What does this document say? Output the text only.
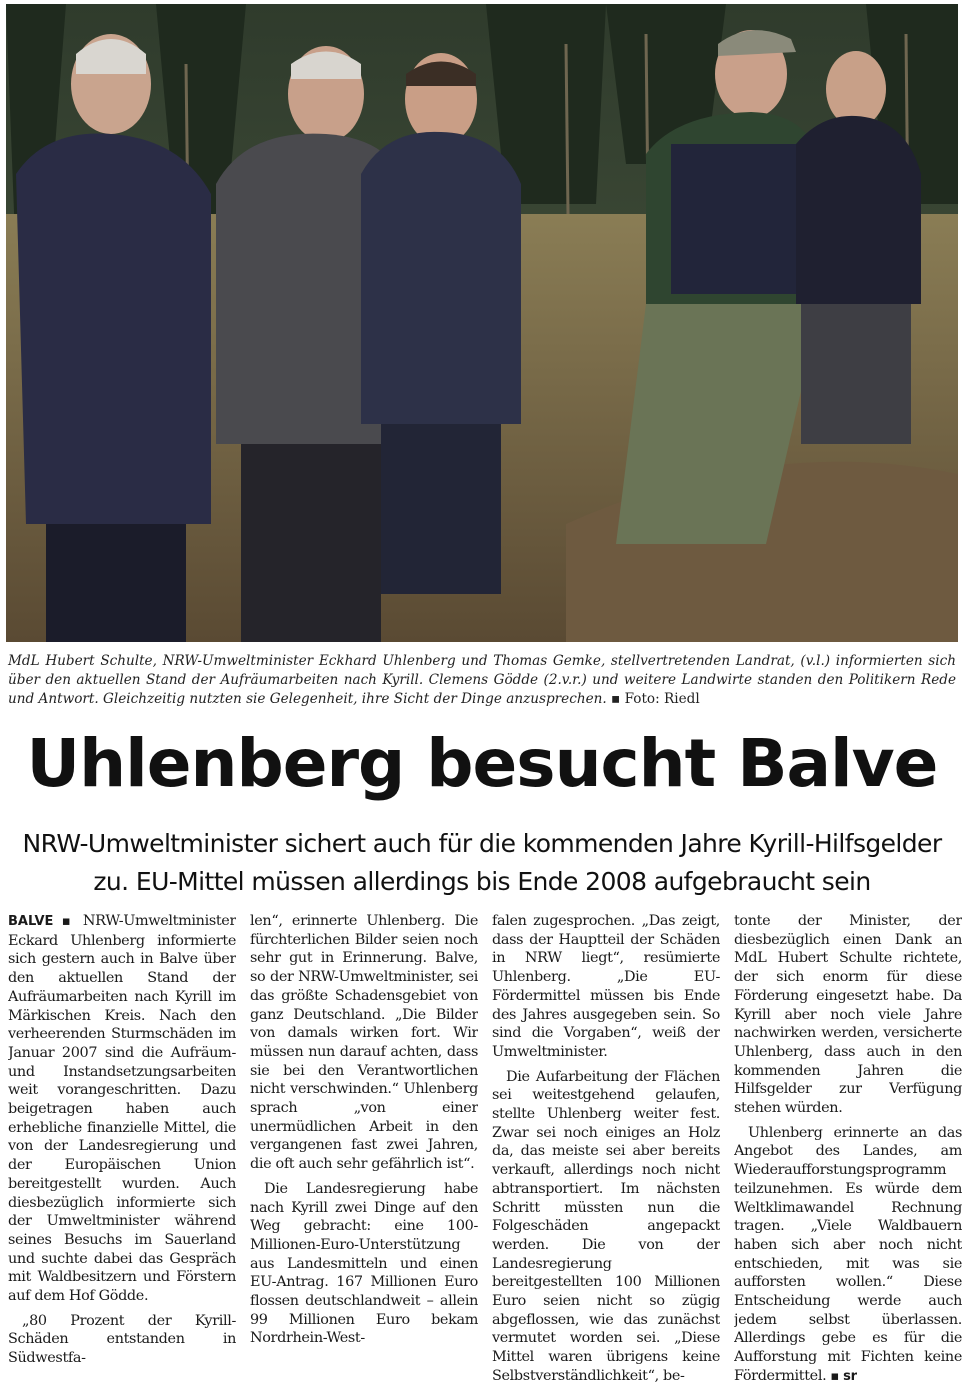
MdL Hubert Schulte, NRW-Umweltminister Eckhard Uhlenberg und Thomas Gemke, stellvertretenden Landrat, (v.l.) informierten sich über den aktuellen Stand der Aufräumarbeiten nach Kyrill. Clemens Gödde (2.v.r.) und weitere Landwirte standen den Politikern Rede und Antwort. Gleichzeitig nutzten sie Gelegenheit, ihre Sicht der Dinge anzusprechen. ▪ Foto: Riedl
Uhlenberg besucht Balve
NRW-Umweltminister sichert auch für die kommenden Jahre Kyrill-Hilfsgelder
zu. EU-Mittel müssen allerdings bis Ende 2008 aufgebraucht sein

BALVE ▪ NRW-Umweltminister Eckard Uhlenberg informierte sich gestern auch in Balve über den aktuellen Stand der Aufräumarbeiten nach Kyrill im Märkischen Kreis. Nach den verheerenden Sturmschäden im Januar 2007 sind die Aufräum- und Instandsetzungsarbeiten weit vorangeschritten. Dazu beigetragen haben auch erhebliche finanzielle Mittel, die von der Landesregierung und der Europäischen Union bereitgestellt wurden. Auch diesbezüglich informierte sich der Umweltminister während seines Besuchs im Sauerland und suchte dabei das Gespräch mit Waldbesitzern und Förstern auf dem Hof Gödde.

„80 Prozent der Kyrill-Schäden entstanden in Südwestfa-

len“, erinnerte Uhlenberg. Die fürchterlichen Bilder seien noch sehr gut in Erinnerung. Balve, so der NRW-Umweltminister, sei das größte Schadensgebiet von ganz Deutschland. „Die Bilder von damals wirken fort. Wir müssen nun darauf achten, dass sie bei den Verantwortlichen nicht verschwinden.“ Uhlenberg sprach „von einer unermüdlichen Arbeit in den vergangenen fast zwei Jahren, die oft auch sehr gefährlich ist“.

Die Landesregierung habe nach Kyrill zwei Dinge auf den Weg gebracht: eine 100-Millionen-Euro-Unterstützung aus Landesmitteln und einen EU-Antrag. 167 Millionen Euro flossen deutschlandweit – allein 99 Millionen Euro bekam Nordrhein-West-

falen zugesprochen. „Das zeigt, dass der Hauptteil der Schäden in NRW liegt“, resümierte Uhlenberg. „Die EU-Fördermittel müssen bis Ende des Jahres ausgegeben sein. So sind die Vorgaben“, weiß der Umweltminister.

Die Aufarbeitung der Flächen sei weitestgehend gelaufen, stellte Uhlenberg weiter fest. Zwar sei noch einiges an Holz da, das meiste sei aber bereits verkauft, allerdings noch nicht abtransportiert. Im nächsten Schritt müssten nun die Folgeschäden angepackt werden. Die von der Landesregierung bereitgestellten 100 Millionen Euro seien nicht so zügig abgeflossen, wie das zunächst vermutet worden sei. „Diese Mittel waren übrigens keine Selbstverständlichkeit“, be-

tonte der Minister, der diesbezüglich einen Dank an MdL Hubert Schulte richtete, der sich enorm für diese Förderung eingesetzt habe. Da Kyrill aber noch viele Jahre nachwirken werden, versicherte Uhlenberg, dass auch in den kommenden Jahren die Hilfsgelder zur Verfügung stehen würden.

Uhlenberg erinnerte an das Angebot des Landes, am Wiederaufforstungsprogramm teilzunehmen. Es würde dem Weltklimawandel Rechnung tragen. „Viele Waldbauern haben sich aber noch nicht entschieden, mit was sie aufforsten wollen.“ Diese Entscheidung werde auch jedem selbst überlassen. Allerdings gebe es für die Aufforstung mit Fichten keine Fördermittel. ▪ sr
